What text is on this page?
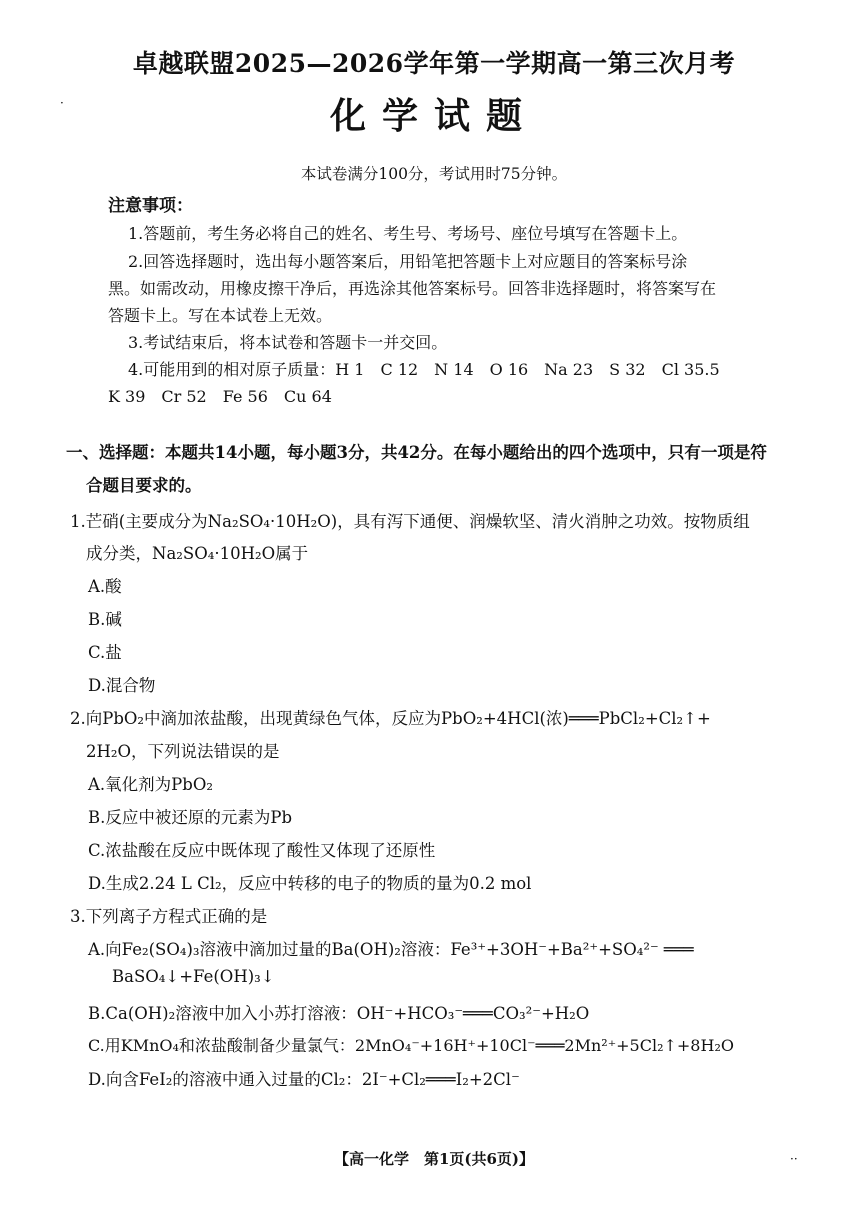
卓越联盟2025—2026学年第一学期高一第三次月考
化学试题
本试卷满分100分，考试用时75分钟。
注意事项：
1.答题前，考生务必将自己的姓名、考生号、考场号、座位号填写在答题卡上。
2.回答选择题时，选出每小题答案后，用铅笔把答题卡上对应题目的答案标号涂
黑。如需改动，用橡皮擦干净后，再选涂其他答案标号。回答非选择题时，将答案写在
答题卡上。写在本试卷上无效。
3.考试结束后，将本试卷和答题卡一并交回。
4.可能用到的相对原子质量：H 1　C 12　N 14　O 16　Na 23　S 32　Cl 35.5
K 39　Cr 52　Fe 56　Cu 64
一、选择题：本题共14小题，每小题3分，共42分。在每小题给出的四个选项中，只有一项是符
合题目要求的。
1.芒硝(主要成分为Na₂SO₄·10H₂O)，具有泻下通便、润燥软坚、清火消肿之功效。按物质组
成分类，Na₂SO₄·10H₂O属于
A.酸
B.碱
C.盐
D.混合物
2.向PbO₂中滴加浓盐酸，出现黄绿色气体，反应为PbO₂+4HCl(浓)═══PbCl₂+Cl₂↑+
2H₂O，下列说法错误的是
A.氧化剂为PbO₂
B.反应中被还原的元素为Pb
C.浓盐酸在反应中既体现了酸性又体现了还原性
D.生成2.24 L Cl₂，反应中转移的电子的物质的量为0.2 mol
3.下列离子方程式正确的是
A.向Fe₂(SO₄)₃溶液中滴加过量的Ba(OH)₂溶液：Fe³⁺+3OH⁻+Ba²⁺+SO₄²⁻ ═══
BaSO₄↓+Fe(OH)₃↓
B.Ca(OH)₂溶液中加入小苏打溶液：OH⁻+HCO₃⁻═══CO₃²⁻+H₂O
C.用KMnO₄和浓盐酸制备少量氯气：2MnO₄⁻+16H⁺+10Cl⁻═══2Mn²⁺+5Cl₂↑+8H₂O
D.向含FeI₂的溶液中通入过量的Cl₂：2I⁻+Cl₂═══I₂+2Cl⁻
【高一化学　第1页(共6页)】
·
··
